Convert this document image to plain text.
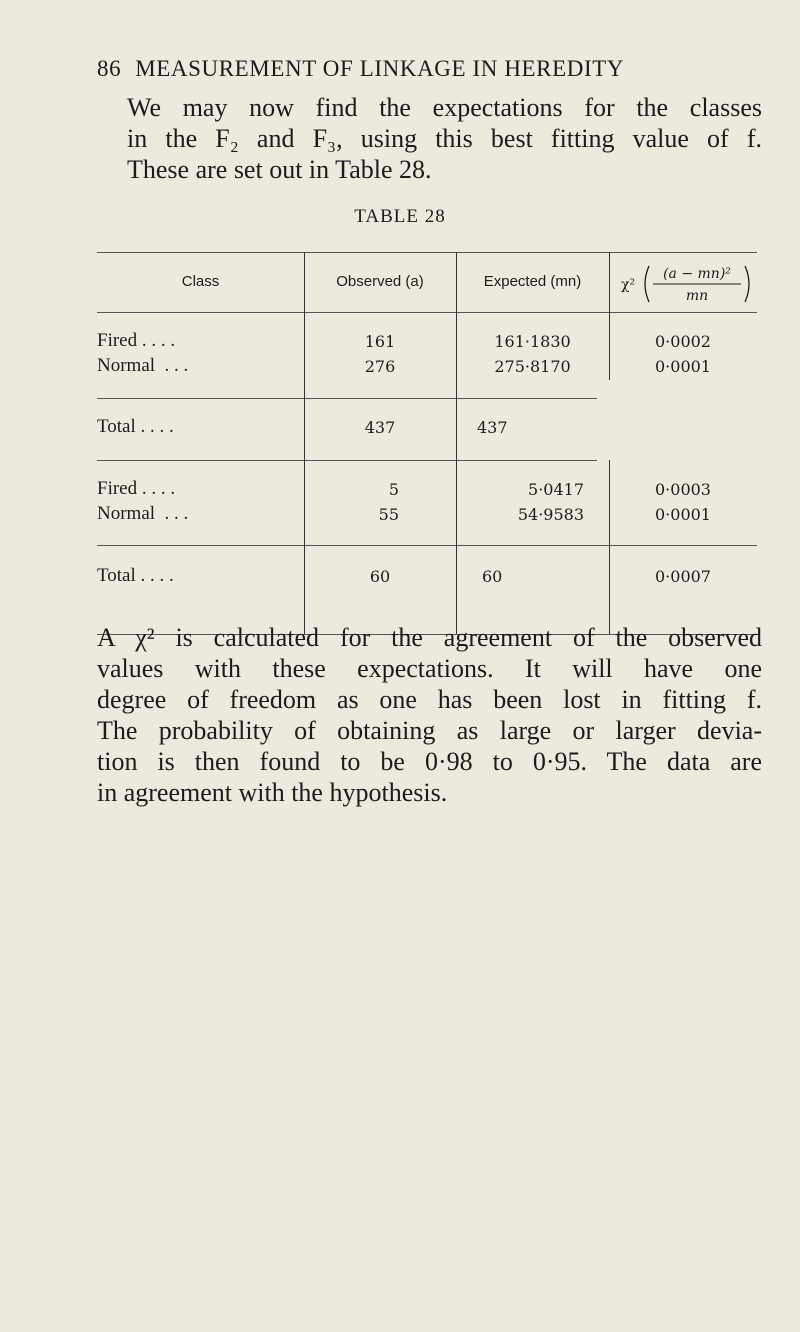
86 MEASUREMENT OF LINKAGE IN HEREDITY
We may now find the expectations for the classes
in the F₂ and F₃, using this best fitting value of f.
These are set out in Table 28.
TABLE 28
Class	Observed (a)	Expected (mn)	χ²
(a − mn)²
mn
Fired . . . .	161	161·1830	0·0002
Normal . . .	276	275·8170	0·0001
Total . . . .	437	437
Fired . . . .	5	5·0417	0·0003
Normal . . .	55	54·9583	0·0001
Total . . . .	60	60	0·0007
A χ² is calculated for the agreement of the observed
values with these expectations. It will have one
degree of freedom as one has been lost in fitting f.
The probability of obtaining as large or larger devia-
tion is then found to be 0·98 to 0·95. The data are
in agreement with the hypothesis.
